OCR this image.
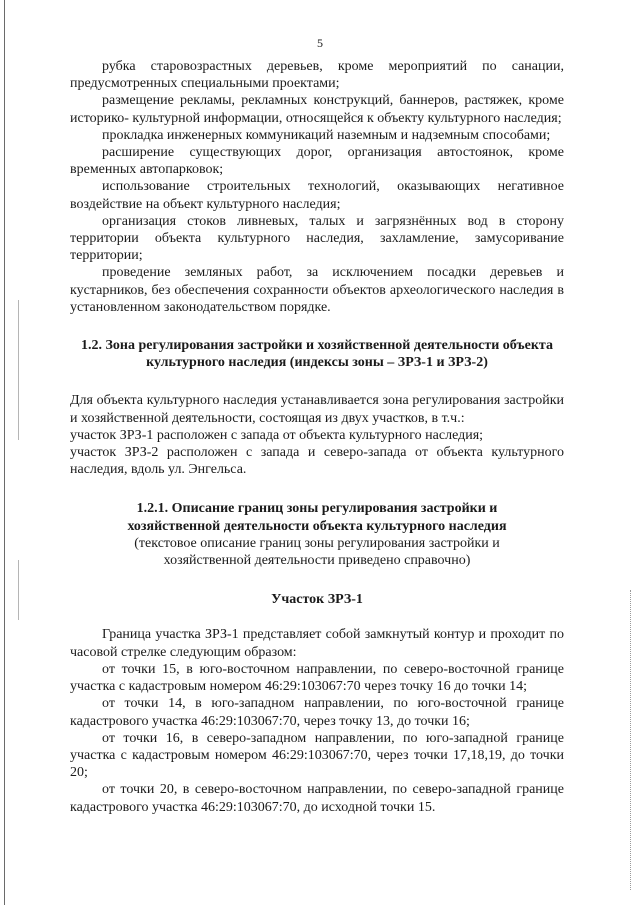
5

рубка старовозрастных деревьев, кроме мероприятий по санации, предусмотренных специальными проектами;

размещение рекламы, рекламных конструкций, баннеров, растяжек, кроме историко- культурной информации, относящейся к объекту культурного наследия;

прокладка инженерных коммуникаций наземным и надземным способами;

расширение существующих дорог, организация автостоянок, кроме временных автопарковок;

использование строительных технологий, оказывающих негативное воздействие на объект культурного наследия;

организация стоков ливневых, талых и загрязнённых вод в сторону территории объекта культурного наследия, захламление, замусоривание территории;

проведение земляных работ, за исключением посадки деревьев и кустарников, без обеспечения сохранности объектов археологического наследия в установленном законодательством порядке.

1.2. Зона регулирования застройки и хозяйственной деятельности объекта культурного наследия (индексы зоны – ЗРЗ-1 и ЗРЗ-2)

Для объекта культурного наследия устанавливается зона регулирования застройки и хозяйственной деятельности, состоящая из двух участков, в т.ч.:

участок ЗРЗ-1 расположен с запада от объекта культурного наследия;

участок ЗРЗ-2 расположен с запада и северо-запада от объекта культурного наследия, вдоль ул. Энгельса.

1.2.1. Описание границ зоны регулирования застройки и хозяйственной деятельности объекта культурного наследия

(текстовое описание границ зоны регулирования застройки и хозяйственной деятельности приведено справочно)

Участок ЗРЗ-1

Граница участка ЗРЗ-1 представляет собой замкнутый контур и проходит по часовой стрелке следующим образом:

от точки 15, в юго-восточном направлении, по северо-восточной границе участка с кадастровым номером 46:29:103067:70 через точку 16 до точки 14;

от точки 14, в юго-западном направлении, по юго-восточной границе кадастрового участка 46:29:103067:70, через точку 13, до точки 16;

от точки 16, в северо-западном направлении, по юго-западной границе участка с кадастровым номером 46:29:103067:70, через точки 17,18,19, до точки 20;

от точки 20, в северо-восточном направлении, по северо-западной границе кадастрового участка 46:29:103067:70, до исходной точки 15.
